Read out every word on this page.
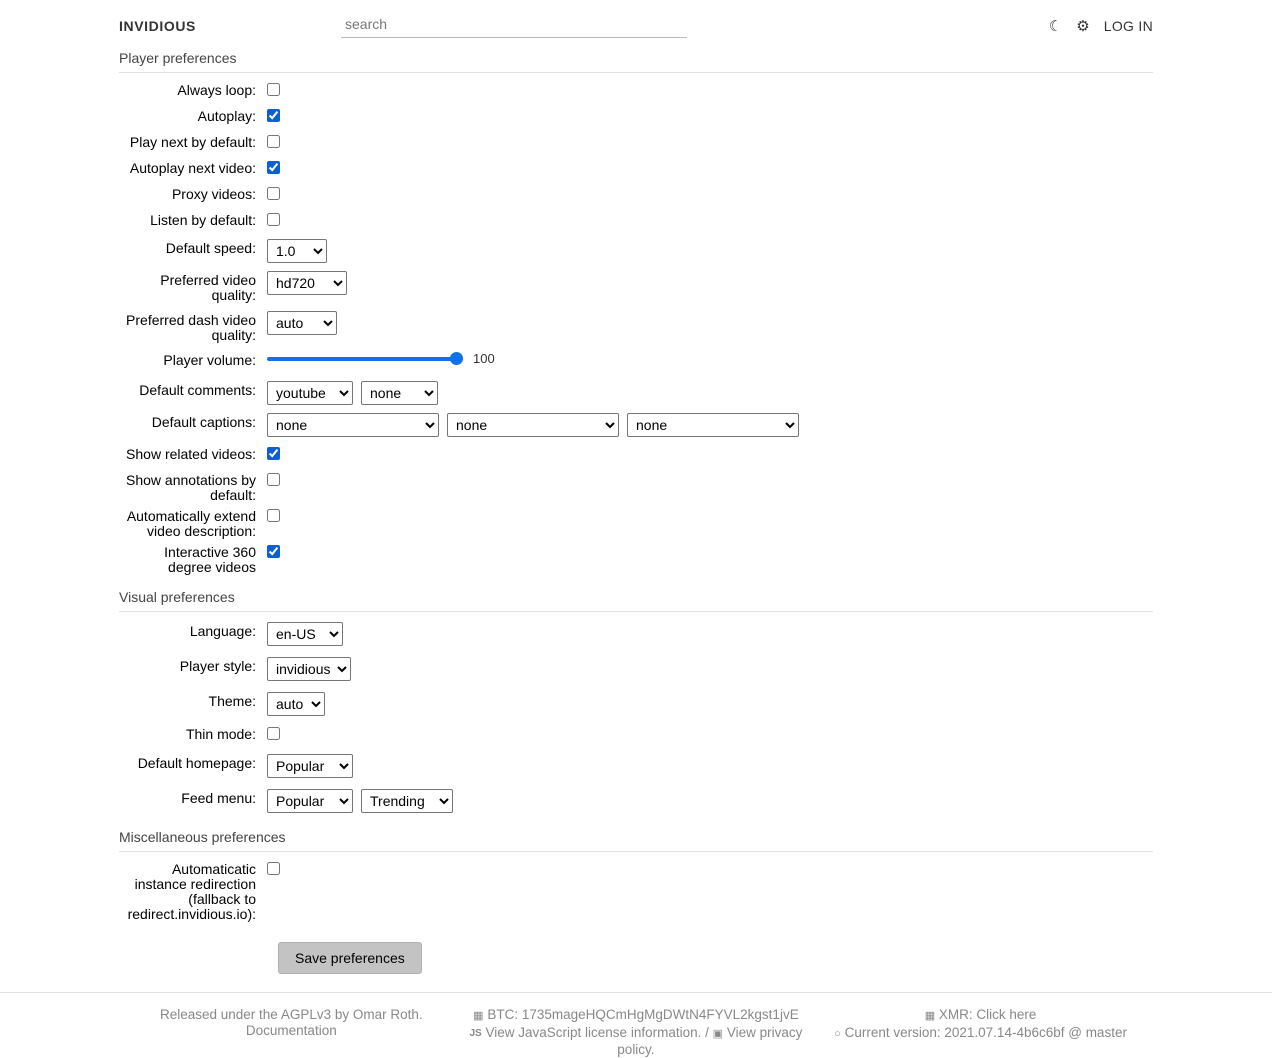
INVIDIOUS
search	☾ ⚙ LOG IN
Player preferences
Always loop:
Autoplay:
Play next by default:
Autoplay next video:
Proxy videos:
Listen by default:
Default speed:
1.0
Preferred video quality:
hd720
Preferred dash video quality:
auto
Player volume:	100
Default comments:
youtube
none
Default captions:
none
none
none
Show related videos:
Show annotations by default:
Automatically extend video description:
Interactive 360 degree videos
Visual preferences
Language:
en-US
Player style:
invidious
Theme:
auto
Thin mode:
Default homepage:
Popular
Feed menu:
Popular
Trending
Miscellaneous preferences
Automaticatic instance redirection (fallback to redirect.invidious.io):
Save preferences
Released under the AGPLv3 by Omar Roth.
Documentation
▦ BTC: 1735mageHQCmHgMgDWtN4FYVL2kgst1jvE
JS View JavaScript license information. / ▣ View privacy policy.
▦ XMR: Click here
○ Current version: 2021.07.14-4b6c6bf @ master
